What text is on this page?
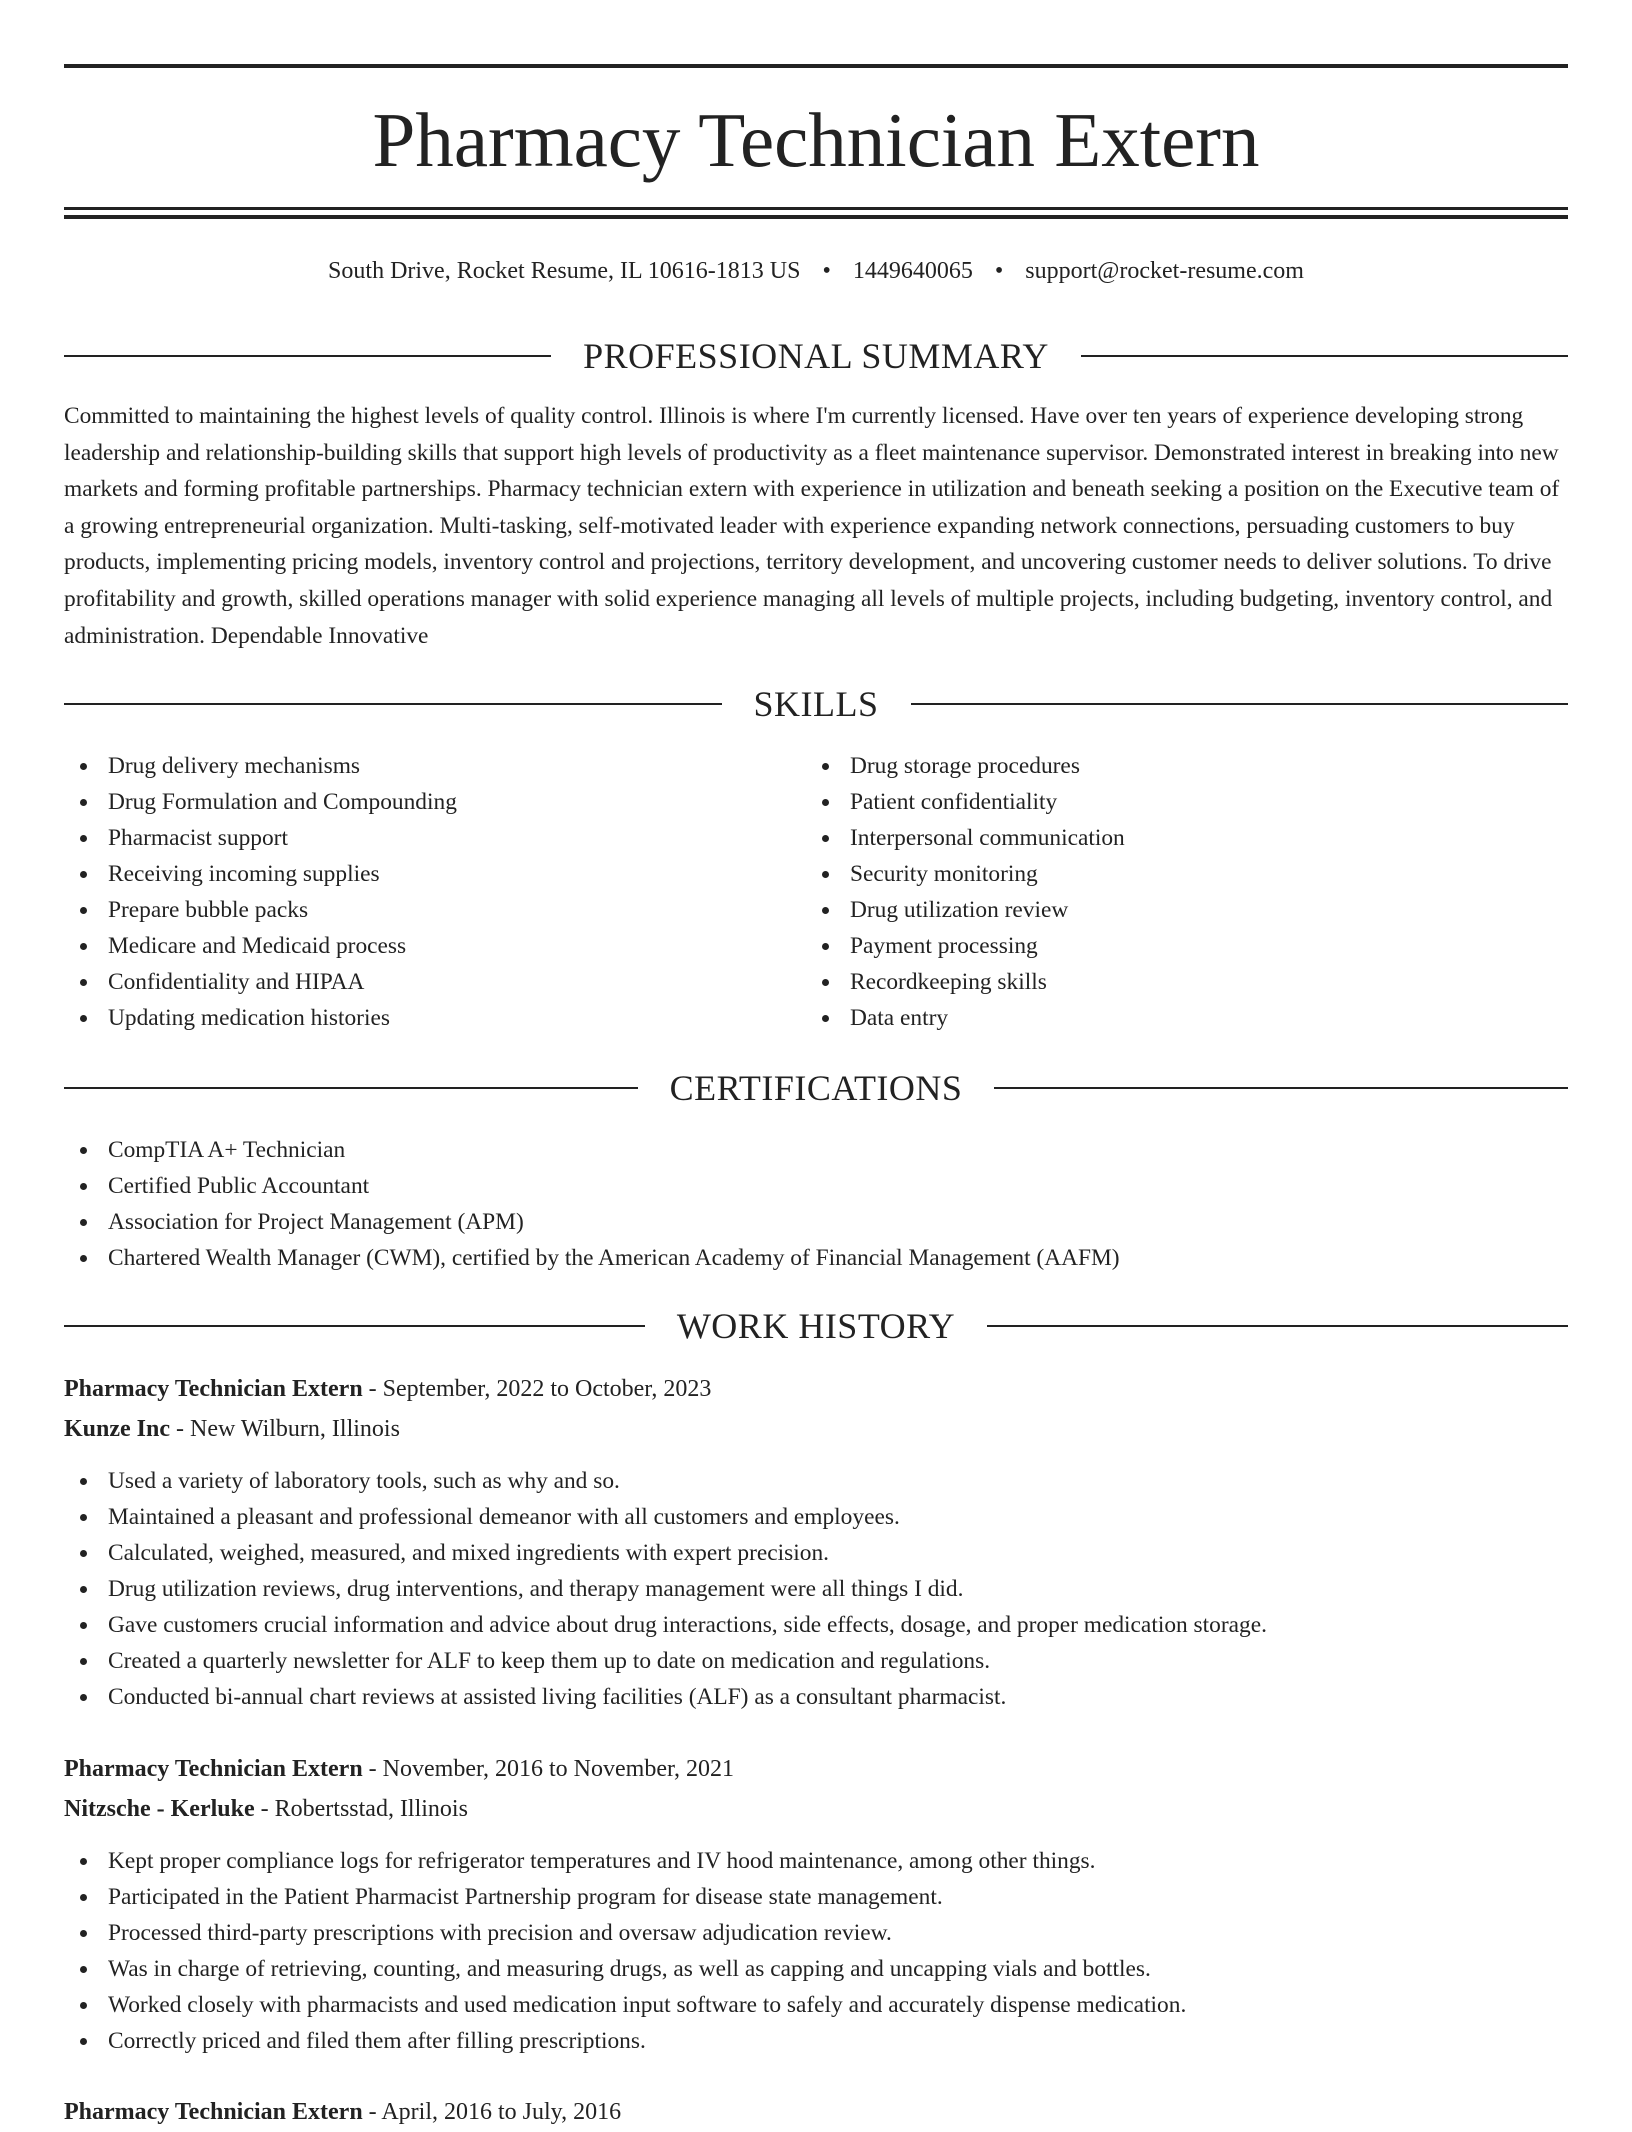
Pharmacy Technician Extern
South Drive, Rocket Resume, IL 10616-1813 US • 1449640065 • support@rocket-resume.com
PROFESSIONAL SUMMARY

Committed to maintaining the highest levels of quality control. Illinois is where I'm currently licensed. Have over ten years of experience developing strong leadership and relationship-building skills that support high levels of productivity as a fleet maintenance supervisor. Demonstrated interest in breaking into new markets and forming profitable partnerships. Pharmacy technician extern with experience in utilization and beneath seeking a position on the Executive team of a growing entrepreneurial organization. Multi-tasking, self-motivated leader with experience expanding network connections, persuading customers to buy products, implementing pricing models, inventory control and projections, territory development, and uncovering customer needs to deliver solutions. To drive profitability and growth, skilled operations manager with solid experience managing all levels of multiple projects, including budgeting, inventory control, and administration. Dependable Innovative

SKILLS
Drug delivery mechanisms
Drug Formulation and Compounding
Pharmacist support
Receiving incoming supplies
Prepare bubble packs
Medicare and Medicaid process
Confidentiality and HIPAA
Updating medication histories
Drug storage procedures
Patient confidentiality
Interpersonal communication
Security monitoring
Drug utilization review
Payment processing
Recordkeeping skills
Data entry
CERTIFICATIONS
CompTIA A+ Technician
Certified Public Accountant
Association for Project Management (APM)
Chartered Wealth Manager (CWM), certified by the American Academy of Financial Management (AAFM)
WORK HISTORY
Pharmacy Technician Extern - September, 2022 to October, 2023
Kunze Inc - New Wilburn, Illinois
Used a variety of laboratory tools, such as why and so.
Maintained a pleasant and professional demeanor with all customers and employees.
Calculated, weighed, measured, and mixed ingredients with expert precision.
Drug utilization reviews, drug interventions, and therapy management were all things I did.
Gave customers crucial information and advice about drug interactions, side effects, dosage, and proper medication storage.
Created a quarterly newsletter for ALF to keep them up to date on medication and regulations.
Conducted bi-annual chart reviews at assisted living facilities (ALF) as a consultant pharmacist.
Pharmacy Technician Extern - November, 2016 to November, 2021
Nitzsche - Kerluke - Robertsstad, Illinois
Kept proper compliance logs for refrigerator temperatures and IV hood maintenance, among other things.
Participated in the Patient Pharmacist Partnership program for disease state management.
Processed third-party prescriptions with precision and oversaw adjudication review.
Was in charge of retrieving, counting, and measuring drugs, as well as capping and uncapping vials and bottles.
Worked closely with pharmacists and used medication input software to safely and accurately dispense medication.
Correctly priced and filed them after filling prescriptions.
Pharmacy Technician Extern - April, 2016 to July, 2016
